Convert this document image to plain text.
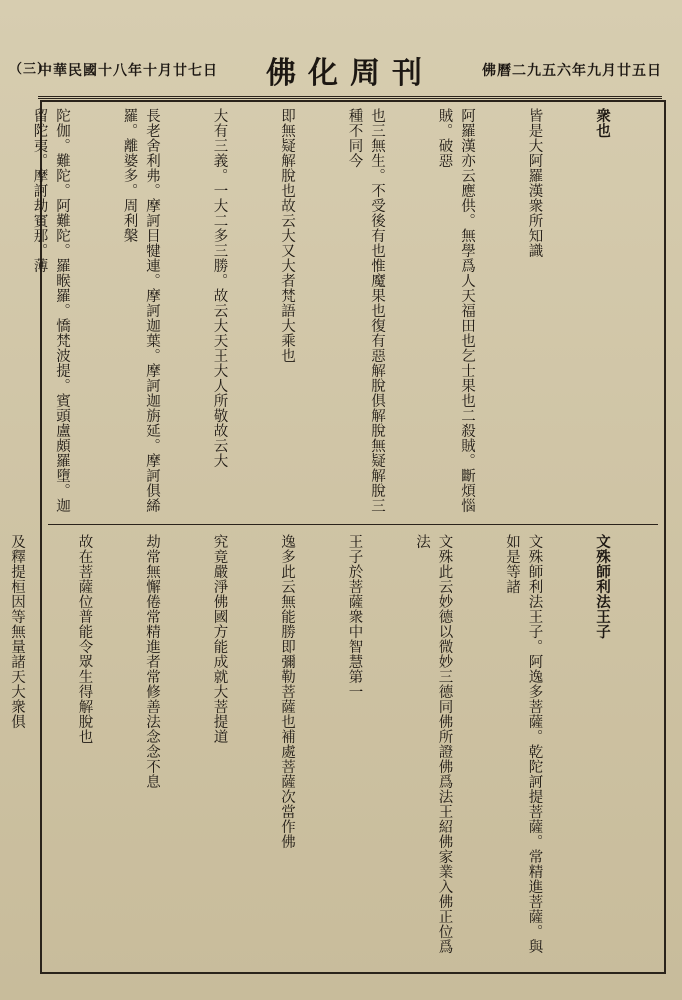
中華民國十八年十月廿七日 佛化周刊	佛曆二九五六年九月廿五日

衆也

皆是大阿羅漢衆所知識

阿羅漢亦云應供。無學爲人天福田也乞士果也二殺賊。斷煩惱賊。破惡

也三無生。不受後有也惟魔果也復有惡解脫俱解脫無疑解脫三種不同今

即無疑解脫也故云大又大者梵語大乘也

大有三義。一大二多三勝。故云大天王大人所敬故云大

長老舍利弗。摩訶目犍連。摩訶迦葉。摩訶迦旃延。摩訶俱絺羅。離婆多。周利槃

陀伽。難陀。阿難陀。羅睺羅。憍梵波提。賓頭盧頗羅墮。迦留陀夷。摩訶劫賓那。薄

文殊師利法王子

文殊師利法王子。阿逸多菩薩。乾陀訶提菩薩。常精進菩薩。與如是等諸

文殊此云妙德以微妙三德同佛所證佛爲法王紹佛家業入佛正位爲法

王子於菩薩衆中智慧第一

逸多此云無能勝即彌勒菩薩也補處菩薩次當作佛

究竟嚴淨佛國方能成就大菩提道

劫常無懈倦常精進者常修善法念念不息

故在菩薩位普能令眾生得解脫也

及釋提桓因等無量諸天大衆俱

（三）
